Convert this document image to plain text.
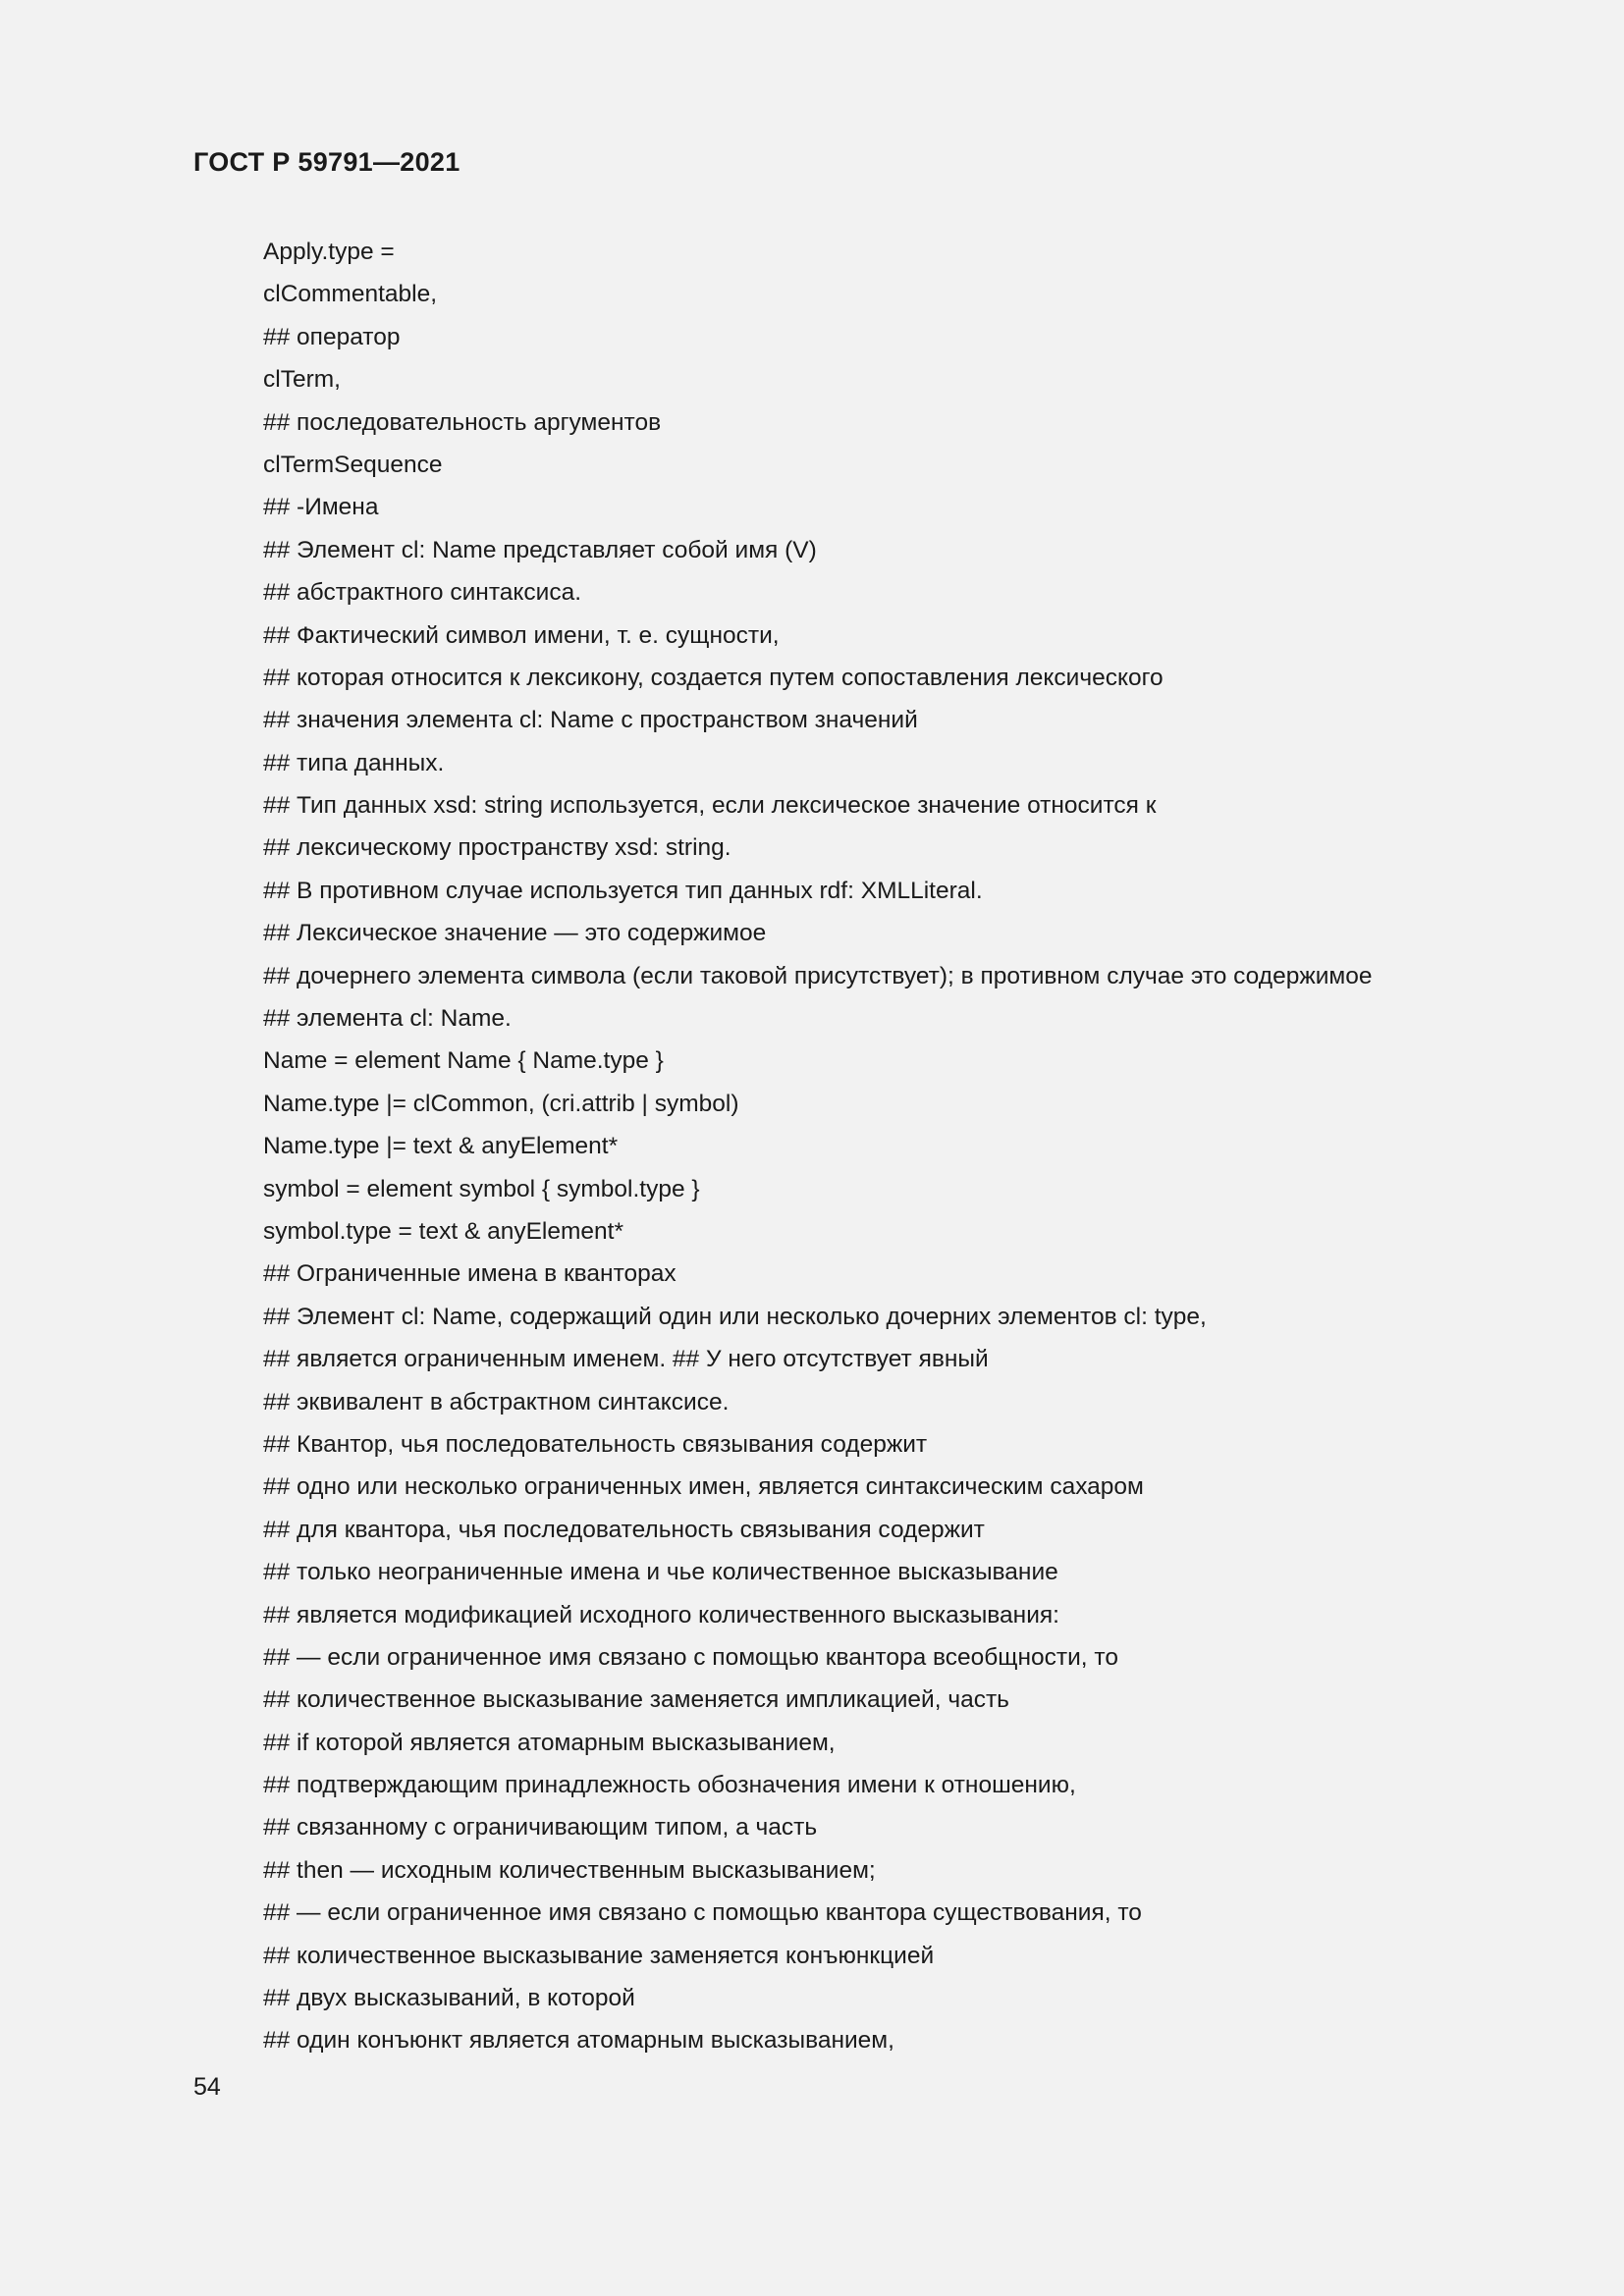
ГОСТ Р 59791—2021
Apply.type =
clCommentable,
## оператор
clTerm,
## последовательность аргументов
clTermSequence
## -Имена
## Элемент cl: Name представляет собой имя (V)
## абстрактного синтаксиса.
## Фактический символ имени, т. е. сущности,
## которая относится к лексикону, создается путем сопоставления лексического
## значения элемента cl: Name с пространством значений
## типа данных.
## Тип данных xsd: string используется, если лексическое значение относится к
## лексическому пространству xsd: string.
## В противном случае используется тип данных rdf: XMLLiteral.
## Лексическое значение — это содержимое
## дочернего элемента символа (если таковой присутствует); в противном случае это содержимое
## элемента cl: Name.
Name = element Name { Name.type }
Name.type |= clCommon, (cri.attrib | symbol)
Name.type |= text & anyElement*
symbol = element symbol { symbol.type }
symbol.type = text & anyElement*
## Ограниченные имена в кванторах
## Элемент cl: Name, содержащий один или несколько дочерних элементов cl: type,
## является ограниченным именем. ## У него отсутствует явный
## эквивалент в абстрактном синтаксисе.
## Квантор, чья последовательность связывания содержит
## одно или несколько ограниченных имен, является синтаксическим сахаром
## для квантора, чья последовательность связывания содержит
## только неограниченные имена и чье количественное высказывание
## является модификацией исходного количественного высказывания:
## — если ограниченное имя связано с помощью квантора всеобщности, то
## количественное высказывание заменяется импликацией, часть
## if которой является атомарным высказыванием,
## подтверждающим принадлежность обозначения имени к отношению,
## связанному с ограничивающим типом, а часть
## then — исходным количественным высказыванием;
## — если ограниченное имя связано с помощью квантора существования, то
## количественное высказывание заменяется конъюнкцией
## двух высказываний, в которой
## один конъюнкт является атомарным высказыванием,
54
